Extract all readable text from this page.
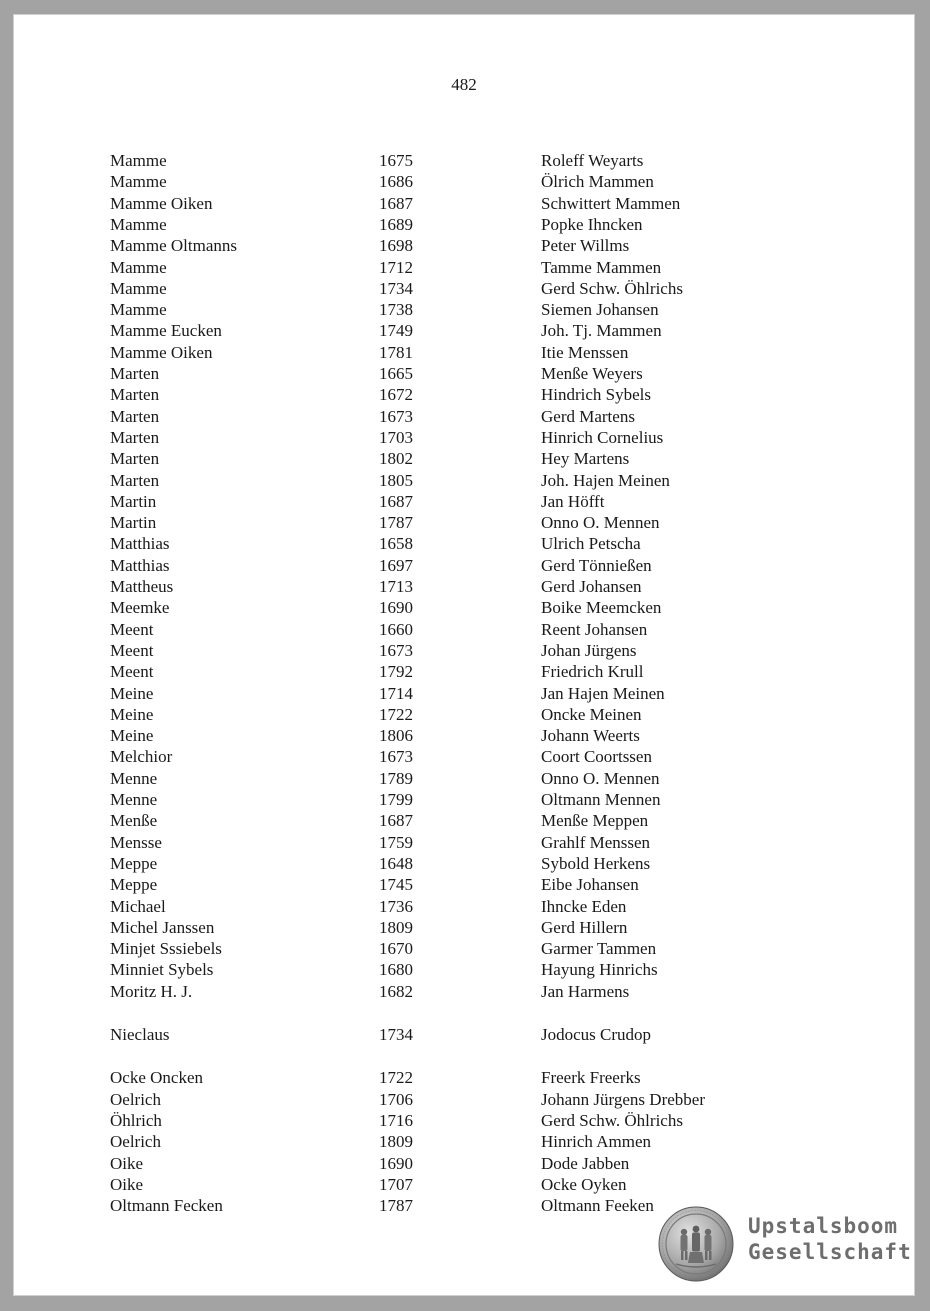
482
Mamme	1675	Roleff Weyarts
Mamme	1686	Ölrich Mammen
Mamme Oiken	1687	Schwittert Mammen
Mamme	1689	Popke Ihncken
Mamme Oltmanns	1698	Peter Willms
Mamme	1712	Tamme Mammen
Mamme	1734	Gerd Schw. Öhlrichs
Mamme	1738	Siemen Johansen
Mamme Eucken	1749	Joh. Tj. Mammen
Mamme Oiken	1781	Itie Menssen
Marten	1665	Menße Weyers
Marten	1672	Hindrich Sybels
Marten	1673	Gerd Martens
Marten	1703	Hinrich Cornelius
Marten	1802	Hey Martens
Marten	1805	Joh. Hajen Meinen
Martin	1687	Jan Höfft
Martin	1787	Onno O. Mennen
Matthias	1658	Ulrich Petscha
Matthias	1697	Gerd Tönnießen
Mattheus	1713	Gerd Johansen
Meemke	1690	Boike Meemcken
Meent	1660	Reent Johansen
Meent	1673	Johan Jürgens
Meent	1792	Friedrich Krull
Meine	1714	Jan Hajen Meinen
Meine	1722	Oncke Meinen
Meine	1806	Johann Weerts
Melchior	1673	Coort Coortssen
Menne	1789	Onno O. Mennen
Menne	1799	Oltmann Mennen
Menße	1687	Menße Meppen
Mensse	1759	Grahlf Menssen
Meppe	1648	Sybold Herkens
Meppe	1745	Eibe Johansen
Michael	1736	Ihncke Eden
Michel Janssen	1809	Gerd Hillern
Minjet Sssiebels	1670	Garmer Tammen
Minniet Sybels	1680	Hayung Hinrichs
Moritz H. J.	1682	Jan Harmens
Nieclaus	1734	Jodocus Crudop
Ocke Oncken	1722	Freerk Freerks
Oelrich	1706	Johann Jürgens Drebber
Öhlrich	1716	Gerd Schw. Öhlrichs
Oelrich	1809	Hinrich Ammen
Oike	1690	Dode Jabben
Oike	1707	Ocke Oyken
Oltmann Fecken	1787	Oltmann Feeken
Upstalsboom
Gesellschaft
